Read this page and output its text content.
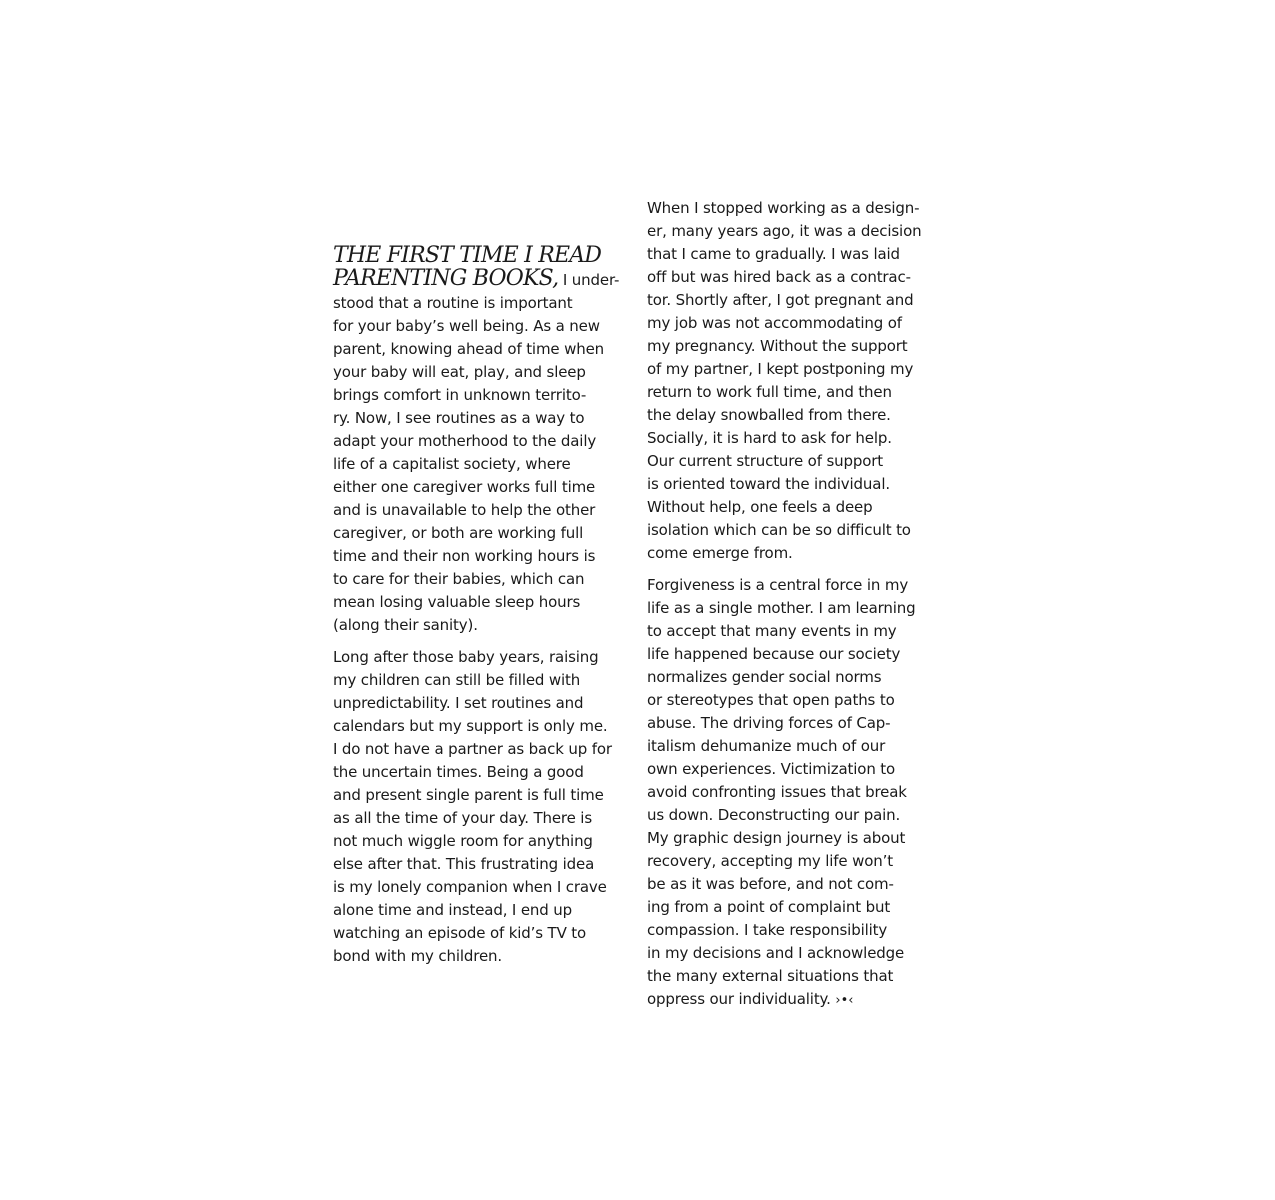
THE FIRST TIME I READ
PARENTING BOOKS, I under-
stood that a routine is important
for your baby’s well being. As a new
parent, knowing ahead of time when
your baby will eat, play, and sleep
brings comfort in unknown territo-
ry. Now, I see routines as a way to
adapt your motherhood to the daily
life of a capitalist society, where
either one caregiver works full time
and is unavailable to help the other
caregiver, or both are working full
time and their non working hours is
to care for their babies, which can
mean losing valuable sleep hours
(along their sanity).

Long after those baby years, raising
my children can still be filled with
unpredictability. I set routines and
calendars but my support is only me.
I do not have a partner as back up for
the uncertain times. Being a good
and present single parent is full time
as all the time of your day. There is
not much wiggle room for anything
else after that. This frustrating idea
is my lonely companion when I crave
alone time and instead, I end up
watching an episode of kid’s TV to
bond with my children.

When I stopped working as a design-
er, many years ago, it was a decision
that I came to gradually. I was laid
off but was hired back as a contrac-
tor. Shortly after, I got pregnant and
my job was not accommodating of
my pregnancy. Without the support
of my partner, I kept postponing my
return to work full time, and then
the delay snowballed from there.
Socially, it is hard to ask for help.
Our current structure of support
is oriented toward the individual.
Without help, one feels a deep
isolation which can be so difficult to
come emerge from.

Forgiveness is a central force in my
life as a single mother. I am learning
to accept that many events in my
life happened because our society
normalizes gender social norms
or stereotypes that open paths to
abuse. The driving forces of Cap-
italism dehumanize much of our
own experiences. Victimization to
avoid confronting issues that break
us down. Deconstructing our pain.
My graphic design journey is about
recovery, accepting my life won’t
be as it was before, and not com-
ing from a point of complaint but
compassion. I take responsibility
in my decisions and I acknowledge
the many external situations that
oppress our individuality. ›•‹
